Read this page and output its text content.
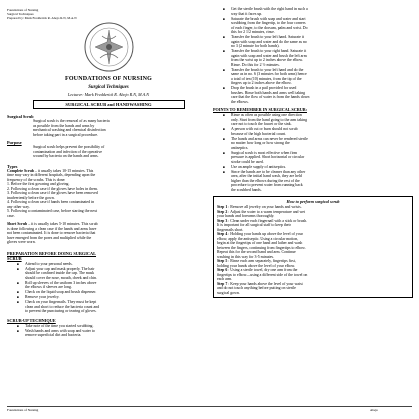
Foundations of Nursing
Surgical Techniques
Prepared by: Mark Fredderick R. Abejo R.N, M.A.N
FOUNDATIONS OF NURSING
Surgical Techniques
Lecturer: Mark Fredderick R. Abejo R.N, M.A.N
SURGICAL SCRUB and HANDWASHING
Surgical Scrub
Surgical scrub is the removal of as many bacteria
as possible from the hands and arms by
mechanical washing and chemical disinfection
before taking part in a surgical procedure.
Purpose
Surgical scrub helps prevent the possibility of
contamination and infection of the operative
wound by bacteria on the hands and arms.
Types
Complete Scrub – it usually takes 10-15 minutes. This
time may vary in different hospitals, depending upon the
frequency of the scrubs. This is done:
1. Before the first gowning and gloving.
2. Following a clean case if the gloves have holes in them.
3. Following a clean case if the gloves have been removed
inadvertently before the gown.
4. Following a clean case if hands been contaminated in
any other way.
5. Following a contaminated case, before starting the next
case.
Short Scrub – it is usually takes 5-10 minutes. This scrub
is done following a clean case if the hands and arms have
not been contaminated. It is done to remove bacteria that
have emerged from the pores and multiplied while the
gloves were worn.
PREPARATION BEFORE DOING SURGICAL
SCRUB
■ Attend to your personal needs.
■ Adjust your cap and mask properly. The hair
should be confined inside the cap. The mask
should cover the nose, mouth, cheek and chin.
■ Roll up sleeves of the uniform 3 inches above
the elbows if sleeves are long.
■ Check on the liquid soap and brush dispenser.
■ Remove your jewelry.
■ Check on your fingernails. They must be kept
clean and short to reduce the bacteria count and
to prevent the puncturing or tearing of gloves.
SCRUB-UP TECHNIQUE
■ Take note of the time you started scrubbing.
■ Wash hands and arms with soap and water to
remove superficial dirt and bacteria.
■ Get the sterile brush with the right hand in such a
way that it faces up.
■ Saturate the brush with soap and water and start
scrubbing from the fingertip, to the four corners
of each finger, to the dorsum, palm and wrist. Do
this for 2 1/2 minutes, rinse.
■ Transfer the brush to your left hand. Saturate it
again with soap and water and do the same as no
no 3 (2 minute for both hands).
■ Transfer the brush to your right hand. Saturate it
again with soap and water and brush the left arm
from the wrist up to 2 inches above the elbow.
Rinse. Do this for 2 ½ minutes.
■ Transfer the brush to your left hand and do the
same as in no. 6 (3 minutes for both arms) hence
a total of ten (10) minutes, from the tip of the
fingers up to 2 inches above the elbow.
■ Drop the brush in a pail provided for used
brushes. Rinse both hands and arms well taking
care that the flow of water is from the hands down
the elbows.
POINTS TO REMEMBER IN SURGICAL SCRUB:
■ Rinse as often as possible using one direction
only. Start from the hand going to the arm taking
care not to touch the faucet or the sink.
■ A person with cut or burn should not scrub
because of the high bacterial count.
■ The hands and arms can never be rendered sterile
no matter how long or how strong the
antiseptics.
■ Surgical scrub is most effective when firm
pressure is applied. Short horizontal or circular
stroke could be used.
■ Use an ample supply of antiseptics.
■ Since the hands are to be cleaner than any other
area, after the initial hand wash, they are held
higher than the elbows during the rest of the
procedure to prevent water from running back
the scrubbed hands.
How to perform surgical scrub

Step 1 : Remove all jewelry on your hands and wrists.

Step 2 : Adjust the water to a warm temperature and wet
your hands and forearms thoroughly.

Step 3 : Clean under each fingernail with a stick or brush.
It is important for all surgical staff to keep their
fingernails short.

Step 4 : Holding your hands up above the level of your
elbow, apply the antiseptic. Using a circular motion,
begin at the fingertips of one hand and lather and wash
between the fingers, continuing from fingertips to elbow.
Repeat this for the second hand and arm. Continue
washing in this way for 3-5 minutes.

Step 5 : Rinse each arm separately, fingertips first,
holding your hands above the level of your elbow.

Step 6 : Using a sterile towel, dry one arm from the
fingertips to elbow—using a different side of the towel on
each arm.

Step 7 : Keep your hands above the level of your waist
and do not touch anything before putting on sterile
surgical gown.

Foundations of Nursing	Abejo
